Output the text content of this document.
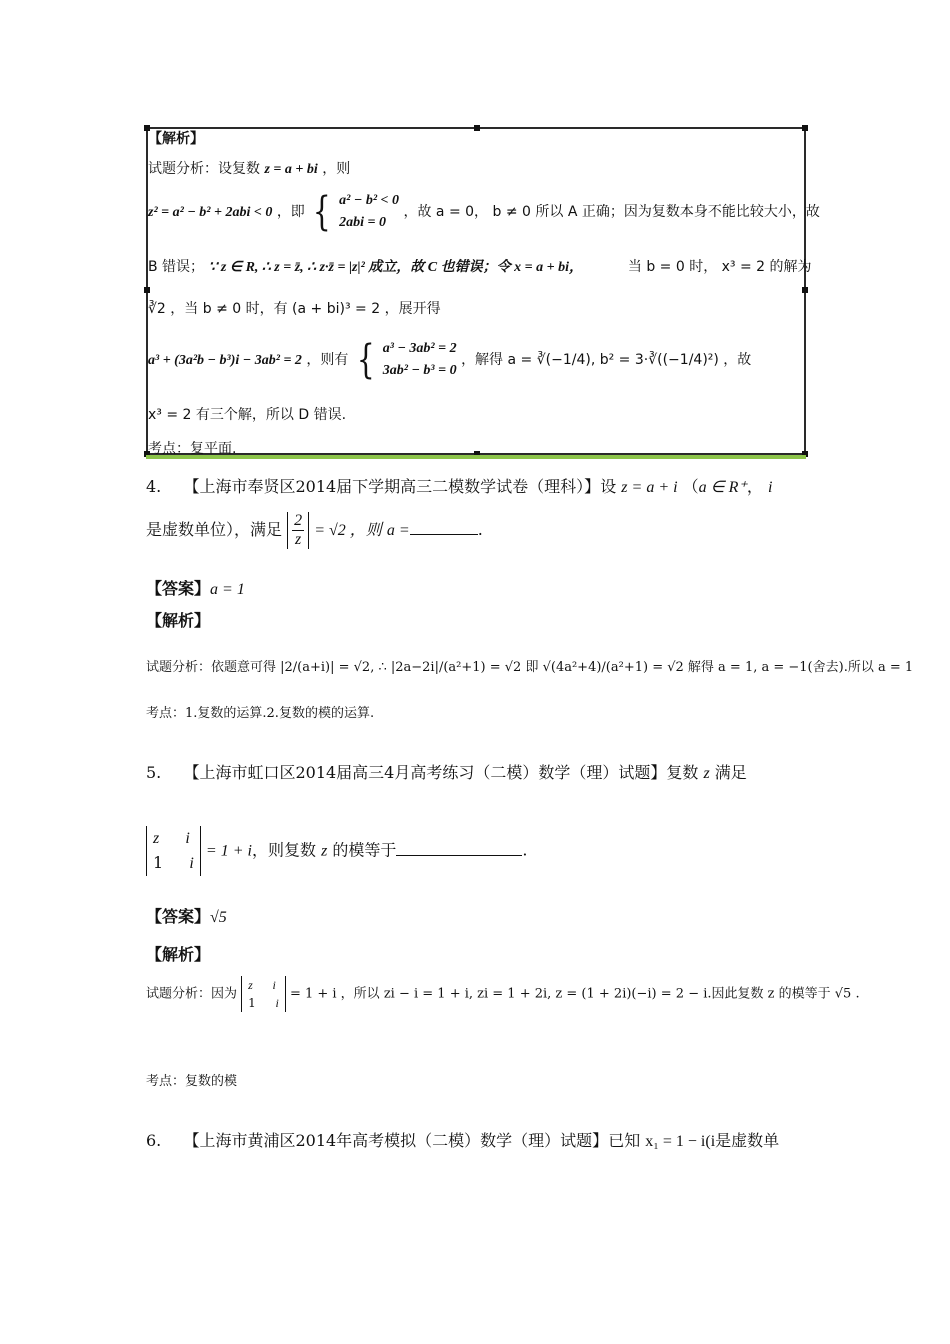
【解析】
试题分析：设复数 z = a + bi ，则
z² = a² − b² + 2abi < 0 ，即 { a² − b² < 0
2abi = 0
，故 a = 0， b ≠ 0 所以 A 正确；因为复数本身不能比较大小，故
B 错误； ∵ z ∈ R, ∴ z = z̄, ∴ z·z̄ = |z|² 成立，故 C 也错误；令 x = a + bi，	当 b = 0 时， x³ = 2 的解为
∛2 ，当 b ≠ 0 时，有 (a + bi)³ = 2 ，展开得
a³ + (3a²b − b³)i − 3ab² = 2 ，则有 { a³ − 3ab² = 2
3ab² − b³ = 0
，解得 a = ∛(−1/4), b² = 3·∛((−1/4)²) ，故
x³ = 2 有三个解，所以 D 错误.
考点：复平面.
4. 【上海市奉贤区2014届下学期高三二模数学试卷（理科）】设 z = a + i （a ∈ R⁺， i
是虚数单位），满足 $\frac{2}{z} = √2$ ，则 a =	.
【答案】a = 1
【解析】
试题分析：依题意可得 |2/(a+i)| = √2, ∴ |2a−2i|/(a²+1) = √2 即 √(4a²+4)/(a²+1) = √2 解得 a = 1, a = −1(舍去).所以 a = 1
考点：1.复数的运算.2.复数的模的运算.
5. 【上海市虹口区2014届高三4月高考练习（二模）数学（理）试题】复数 z 满足
z i
1 i
= 1 + i，则复数 z 的模等于	.
【答案】√5
【解析】
试题分析：因为
z i
1 i
= 1 + i ，所以 zi − i = 1 + i, zi = 1 + 2i, z = (1 + 2i)(−i) = 2 − i.因此复数 z 的模等于 √5 .
考点：复数的模
6. 【上海市黄浦区2014年高考模拟（二模）数学（理）试题】已知 x₁ = 1 − i(i是虚数单
